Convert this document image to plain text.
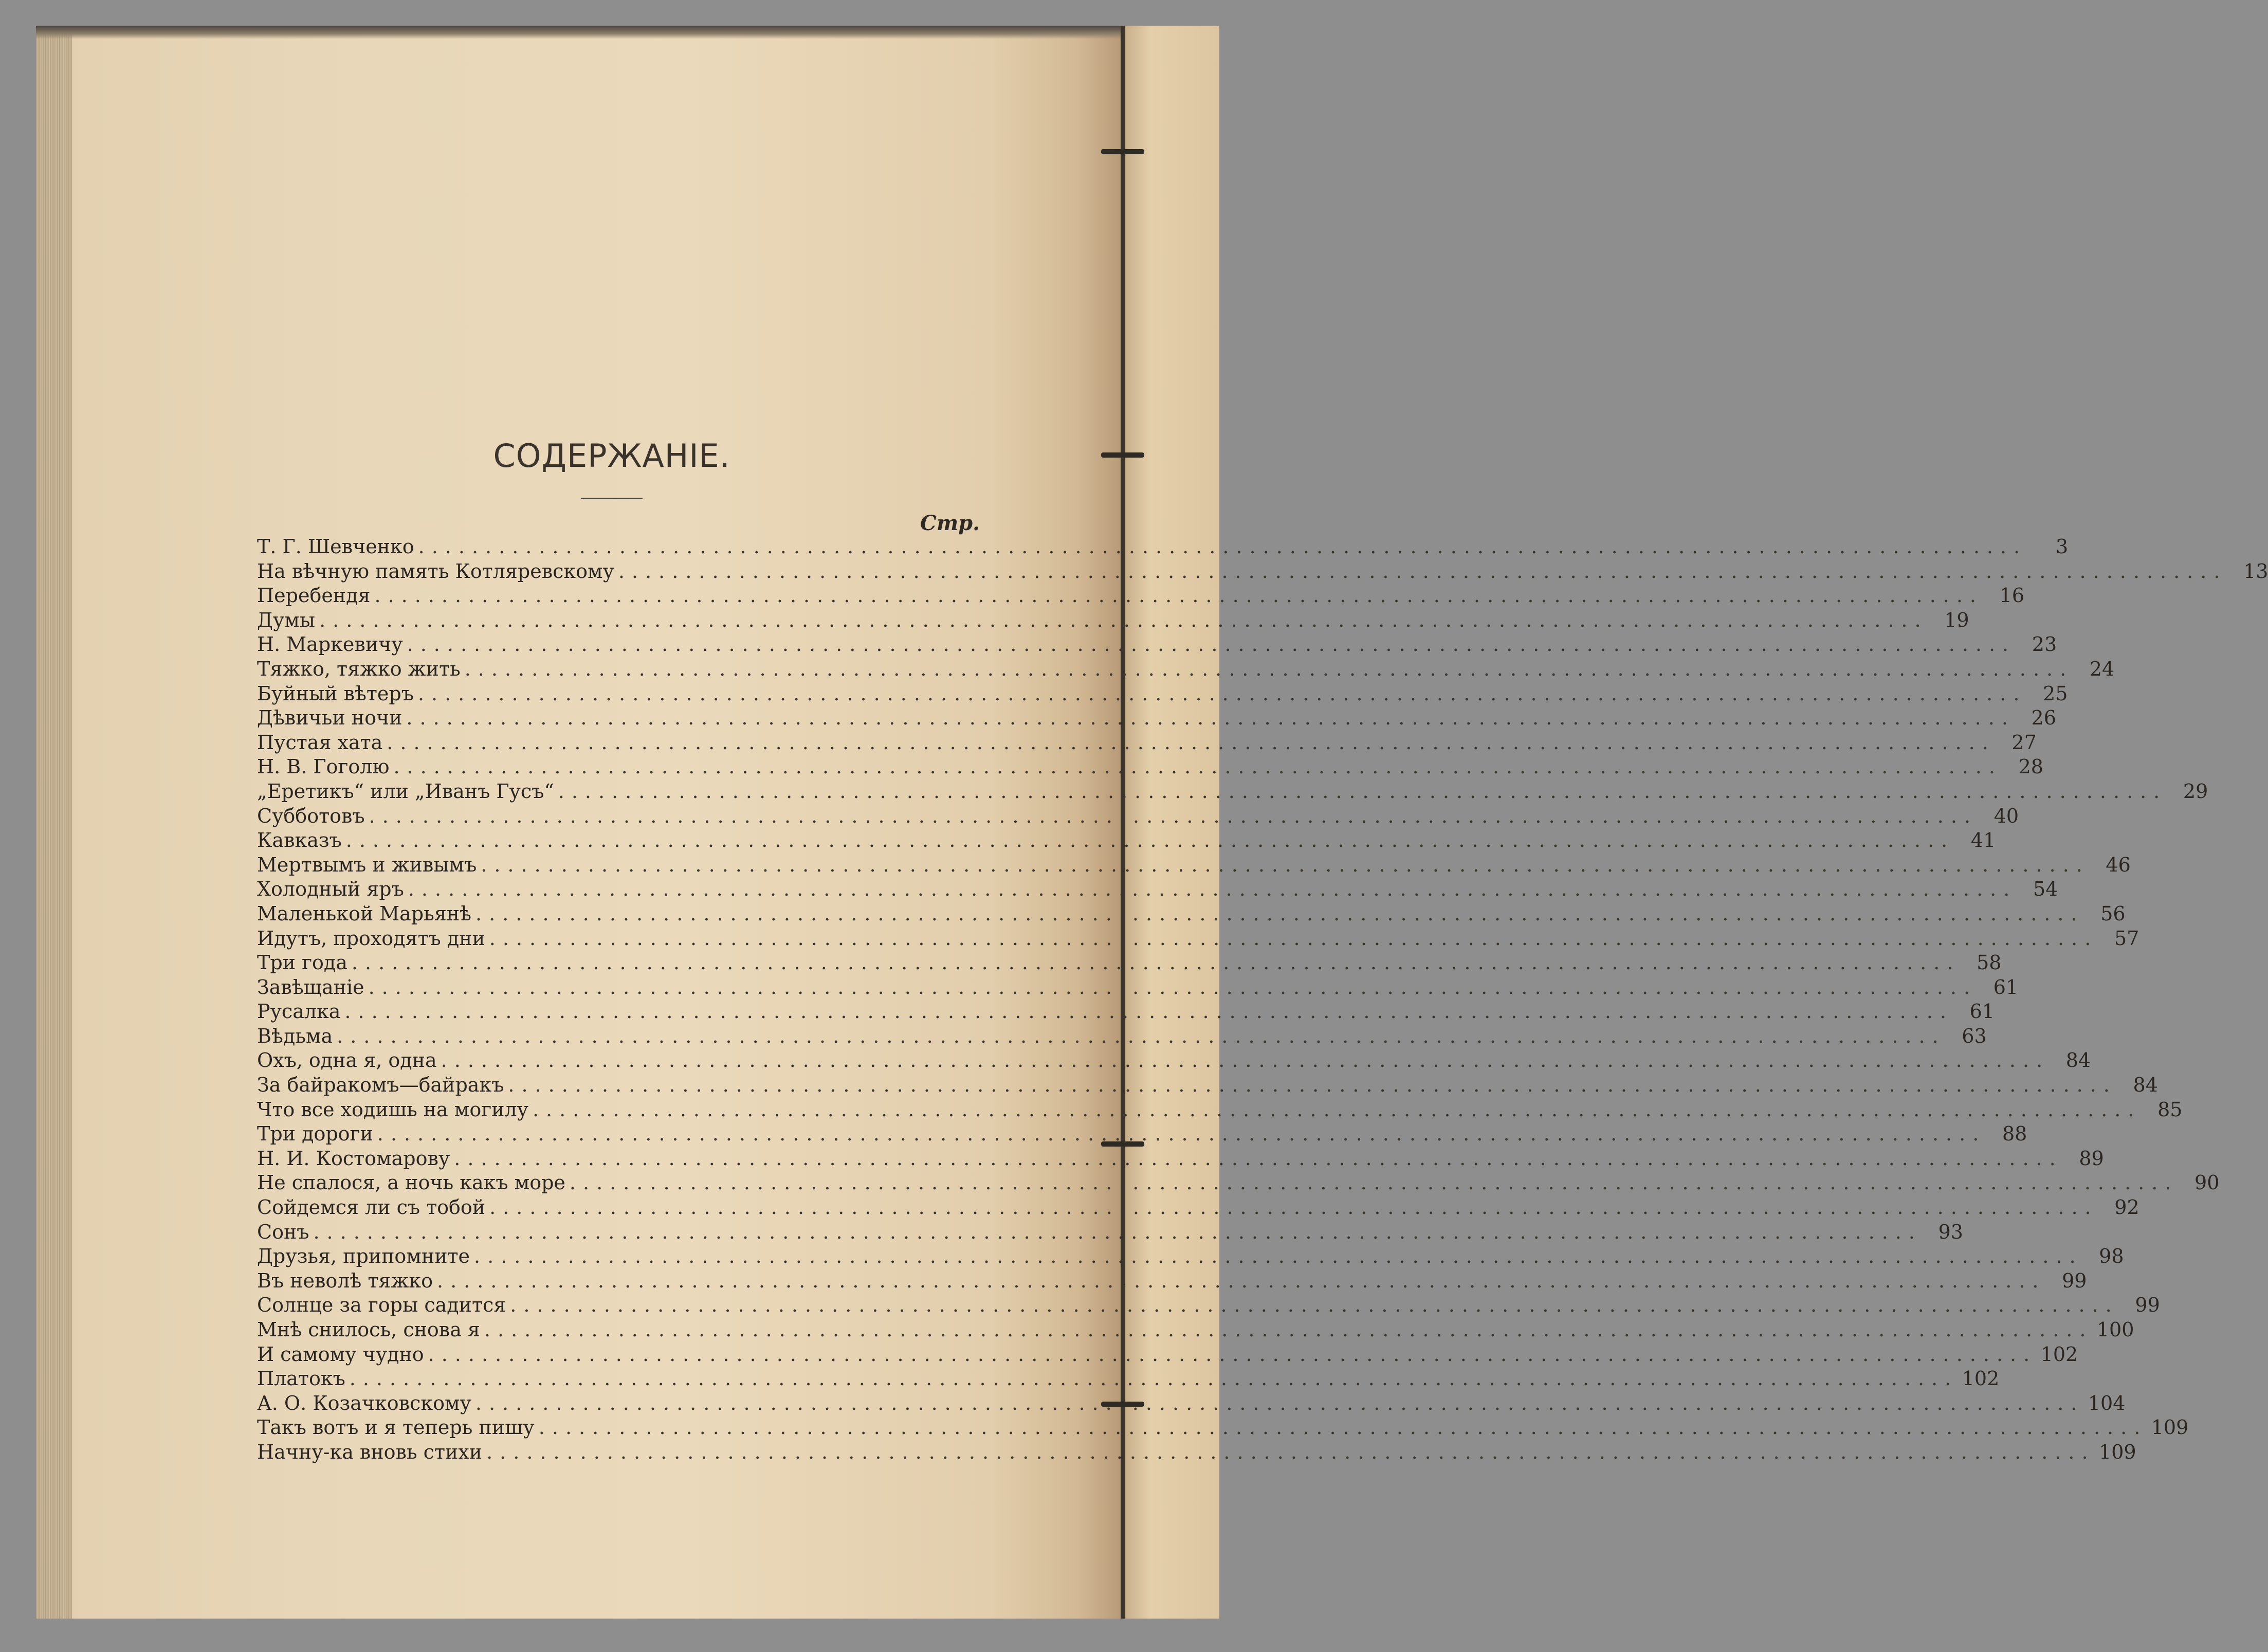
СОДЕРЖАНІЕ.
Стр.
Т. Г. Шевченко ........................................................................................................................	3
На вѣчную память Котляревскому ........................................................................................................................ 13
Перебендя ........................................................................................................................ 16
Думы ........................................................................................................................ 19
Н. Маркевичу ........................................................................................................................ 23
Тяжко, тяжко жить ........................................................................................................................ 24
Буйный вѣтеръ ........................................................................................................................ 25
Дѣвичьи ночи ........................................................................................................................ 26
Пустая хата ........................................................................................................................ 27
Н. В. Гоголю ........................................................................................................................ 28
„Еретикъ“ или „Иванъ Гусъ“ ........................................................................................................................ 29
Субботовъ ........................................................................................................................ 40
Кавказъ ........................................................................................................................ 41
Мертвымъ и живымъ ........................................................................................................................ 46
Холодный яръ ........................................................................................................................ 54
Маленькой Марьянѣ ........................................................................................................................ 56
Идутъ, проходятъ дни ........................................................................................................................ 57
Три года ........................................................................................................................ 58
Завѣщаніе ........................................................................................................................ 61
Русалка ........................................................................................................................ 61
Вѣдьма ........................................................................................................................ 63
Охъ, одна я, одна ........................................................................................................................ 84
За байракомъ—байракъ ........................................................................................................................ 84
Что все ходишь на могилу ........................................................................................................................ 85
Три дороги ........................................................................................................................ 88
Н. И. Костомарову ........................................................................................................................ 89
Не спалося, а ночь какъ море ........................................................................................................................ 90
Сойдемся ли съ тобой ........................................................................................................................ 92
Сонъ ........................................................................................................................ 93
Друзья, припомните ........................................................................................................................ 98
Въ неволѣ тяжко ........................................................................................................................ 99
Солнце за горы садится ........................................................................................................................ 99
Мнѣ снилось, снова я ........................................................................................................................ 100
И самому чудно ........................................................................................................................ 102
Платокъ ........................................................................................................................ 102
А. О. Козачковскому ........................................................................................................................ 104
Такъ вотъ и я теперь пишу ........................................................................................................................ 109
Начну-ка вновь стихи ........................................................................................................................ 109
